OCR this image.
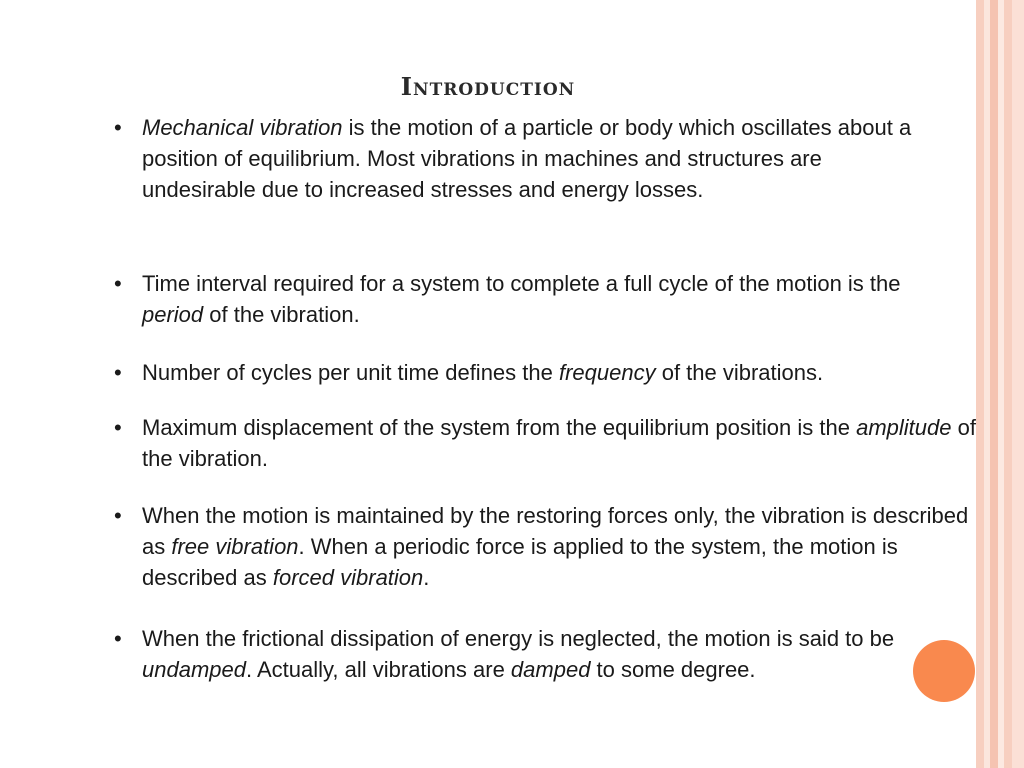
Introduction
• Mechanical vibration is the motion of a particle or body which oscillates about a position of equilibrium. Most vibrations in machines and structures are undesirable due to increased stresses and energy losses.
• Time interval required for a system to complete a full cycle of the motion is the period of the vibration.
• Number of cycles per unit time defines the frequency of the vibrations.
• Maximum displacement of the system from the equilibrium position is the amplitude of the vibration.
• When the motion is maintained by the restoring forces only, the vibration is described as free vibration. When a periodic force is applied to the system, the motion is described as forced vibration.
• When the frictional dissipation of energy is neglected, the motion is said to be undamped. Actually, all vibrations are damped to some degree.
